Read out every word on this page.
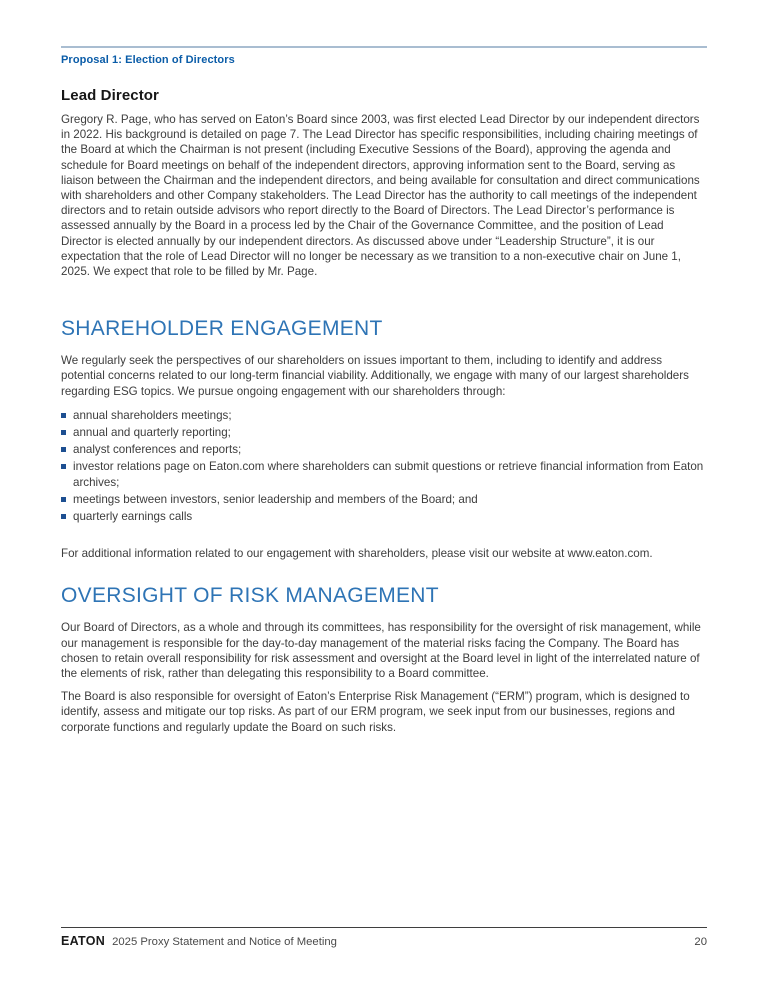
Proposal 1: Election of Directors
Lead Director

Gregory R. Page, who has served on Eaton’s Board since 2003, was first elected Lead Director by our independent directors in 2022. His background is detailed on page 7. The Lead Director has specific responsibilities, including chairing meetings of the Board at which the Chairman is not present (including Executive Sessions of the Board), approving the agenda and schedule for Board meetings on behalf of the independent directors, approving information sent to the Board, serving as liaison between the Chairman and the independent directors, and being available for consultation and direct communications with shareholders and other Company stakeholders. The Lead Director has the authority to call meetings of the independent directors and to retain outside advisors who report directly to the Board of Directors. The Lead Director’s performance is assessed annually by the Board in a process led by the Chair of the Governance Committee, and the position of Lead Director is elected annually by our independent directors. As discussed above under “Leadership Structure”, it is our expectation that the role of Lead Director will no longer be necessary as we transition to a non-executive chair on June 1, 2025. We expect that role to be filled by Mr. Page.

SHAREHOLDER ENGAGEMENT

We regularly seek the perspectives of our shareholders on issues important to them, including to identify and address potential concerns related to our long-term financial viability. Additionally, we engage with many of our largest shareholders regarding ESG topics. We pursue ongoing engagement with our shareholders through:

annual shareholders meetings;
annual and quarterly reporting;
analyst conferences and reports;
investor relations page on Eaton.com where shareholders can submit questions or retrieve financial information from Eaton archives;
meetings between investors, senior leadership and members of the Board; and
quarterly earnings calls

For additional information related to our engagement with shareholders, please visit our website at www.eaton.com.

OVERSIGHT OF RISK MANAGEMENT

Our Board of Directors, as a whole and through its committees, has responsibility for the oversight of risk management, while our management is responsible for the day-to-day management of the material risks facing the Company. The Board has chosen to retain overall responsibility for risk assessment and oversight at the Board level in light of the interrelated nature of the elements of risk, rather than delegating this responsibility to a Board committee.

The Board is also responsible for oversight of Eaton’s Enterprise Risk Management (“ERM”) program, which is designed to identify, assess and mitigate our top risks. As part of our ERM program, we seek input from our businesses, regions and corporate functions and regularly update the Board on such risks.

EATON 2025 Proxy Statement and Notice of Meeting	20
